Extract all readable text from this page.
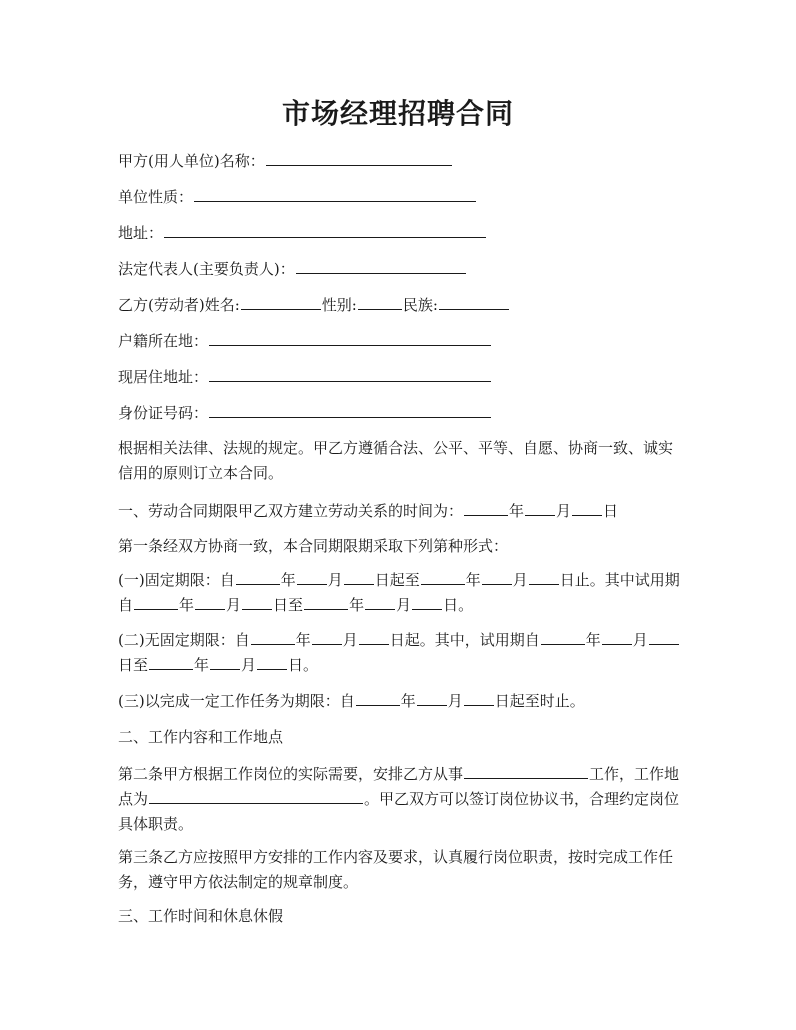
市场经理招聘合同
甲方(用人单位)名称：
单位性质：
地址：
法定代表人(主要负责人)：
乙方(劳动者)姓名:	性别:	民族:
户籍所在地：
现居住地址：
身份证号码：
根据相关法律、法规的规定。甲乙方遵循合法、公平、平等、自愿、协商一致、诚实信用的原则订立本合同。
一、劳动合同期限甲乙双方建立劳动关系的时间为：	年 月 日
第一条经双方协商一致，本合同期限期采取下列第种形式：
(一)固定期限：自	年 月 日起至	年 月 日止。其中试用期自	年 月 日至	年 月 日。
(二)无固定期限：自	年 月 日起。其中，试用期自	年 月日至	年 月 日。
(三)以完成一定工作任务为期限：自	年 月 日起至时止。
二、工作内容和工作地点
第二条甲方根据工作岗位的实际需要，安排乙方从事	工作，工作地点为	。甲乙双方可以签订岗位协议书，合理约定岗位具体职责。
第三条乙方应按照甲方安排的工作内容及要求，认真履行岗位职责，按时完成工作任务，遵守甲方依法制定的规章制度。
三、工作时间和休息休假
